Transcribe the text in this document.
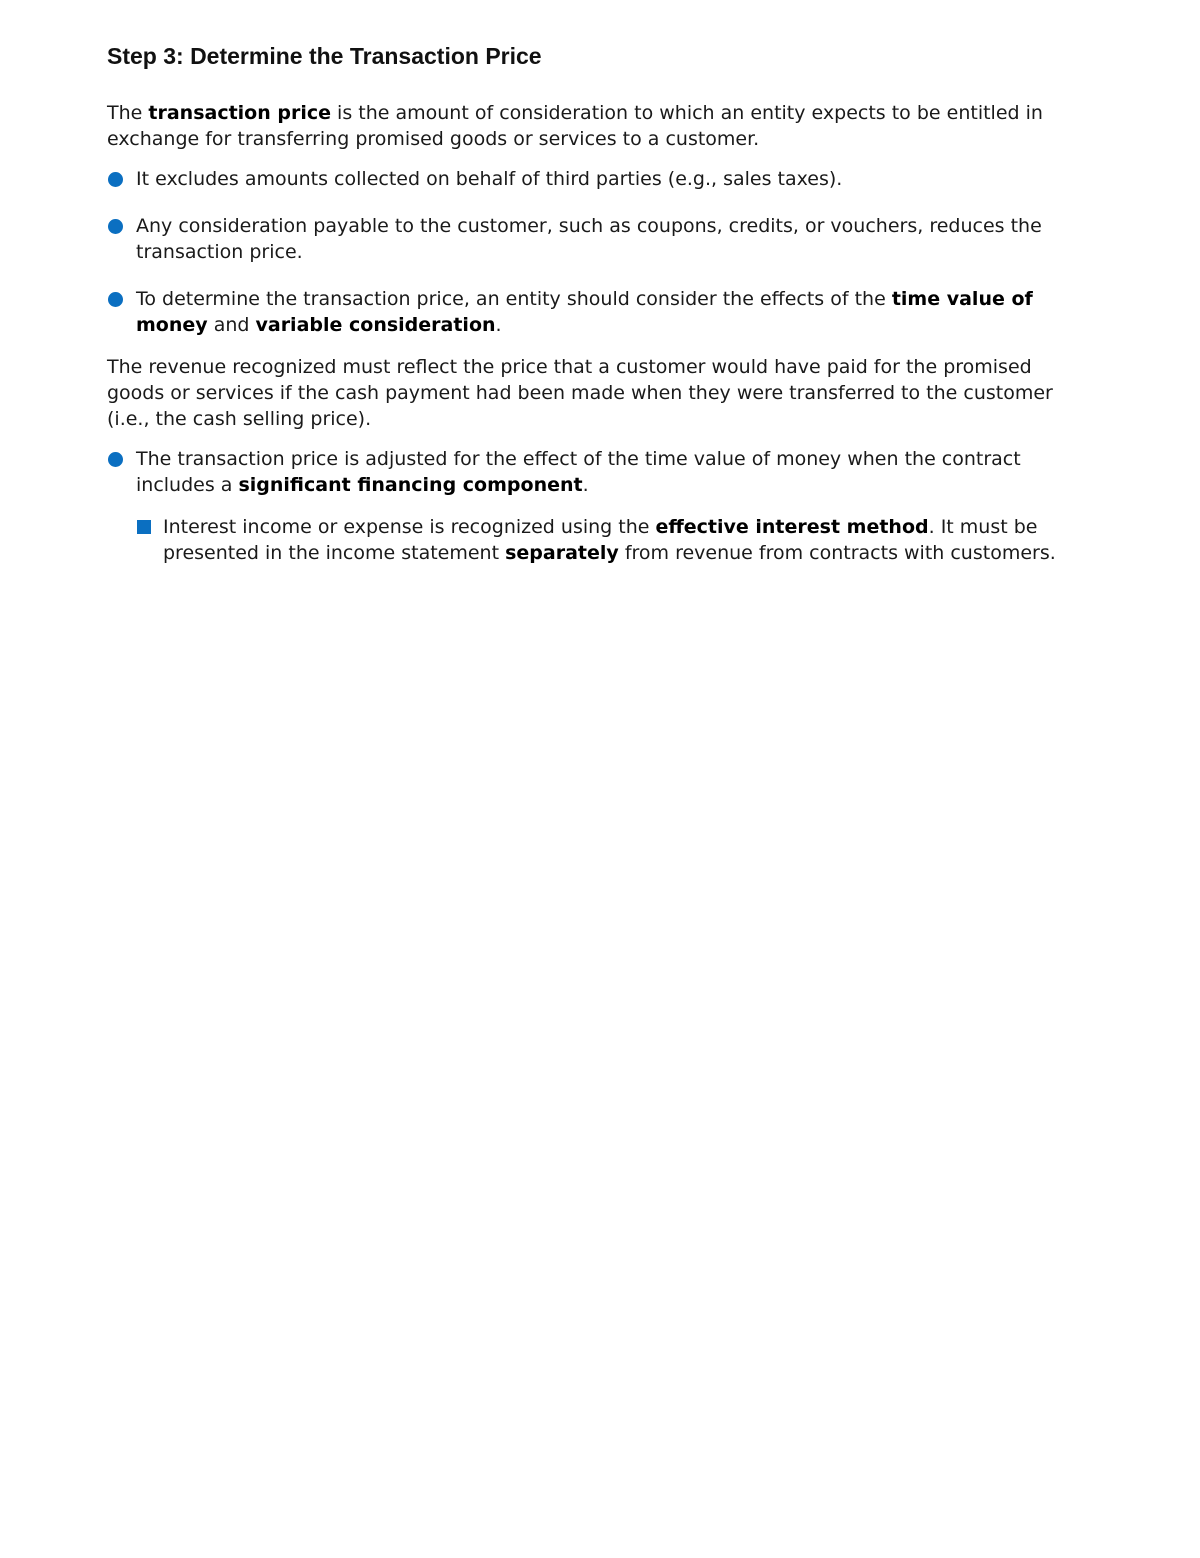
Step 3: Determine the Transaction Price

The transaction price is the amount of consideration to which an entity expects to be entitled in exchange for transferring promised goods or services to a customer.

It excludes amounts collected on behalf of third parties (e.g., sales taxes).
Any consideration payable to the customer, such as coupons, credits, or vouchers, reduces the transaction price.
To determine the transaction price, an entity should consider the effects of the time value of money and variable consideration.

The revenue recognized must reflect the price that a customer would have paid for the promised goods or services if the cash payment had been made when they were transferred to the customer (i.e., the cash selling price).

The transaction price is adjusted for the effect of the time value of money when the contract includes a significant financing component.
Interest income or expense is recognized using the effective interest method. It must be presented in the income statement separately from revenue from contracts with customers.
